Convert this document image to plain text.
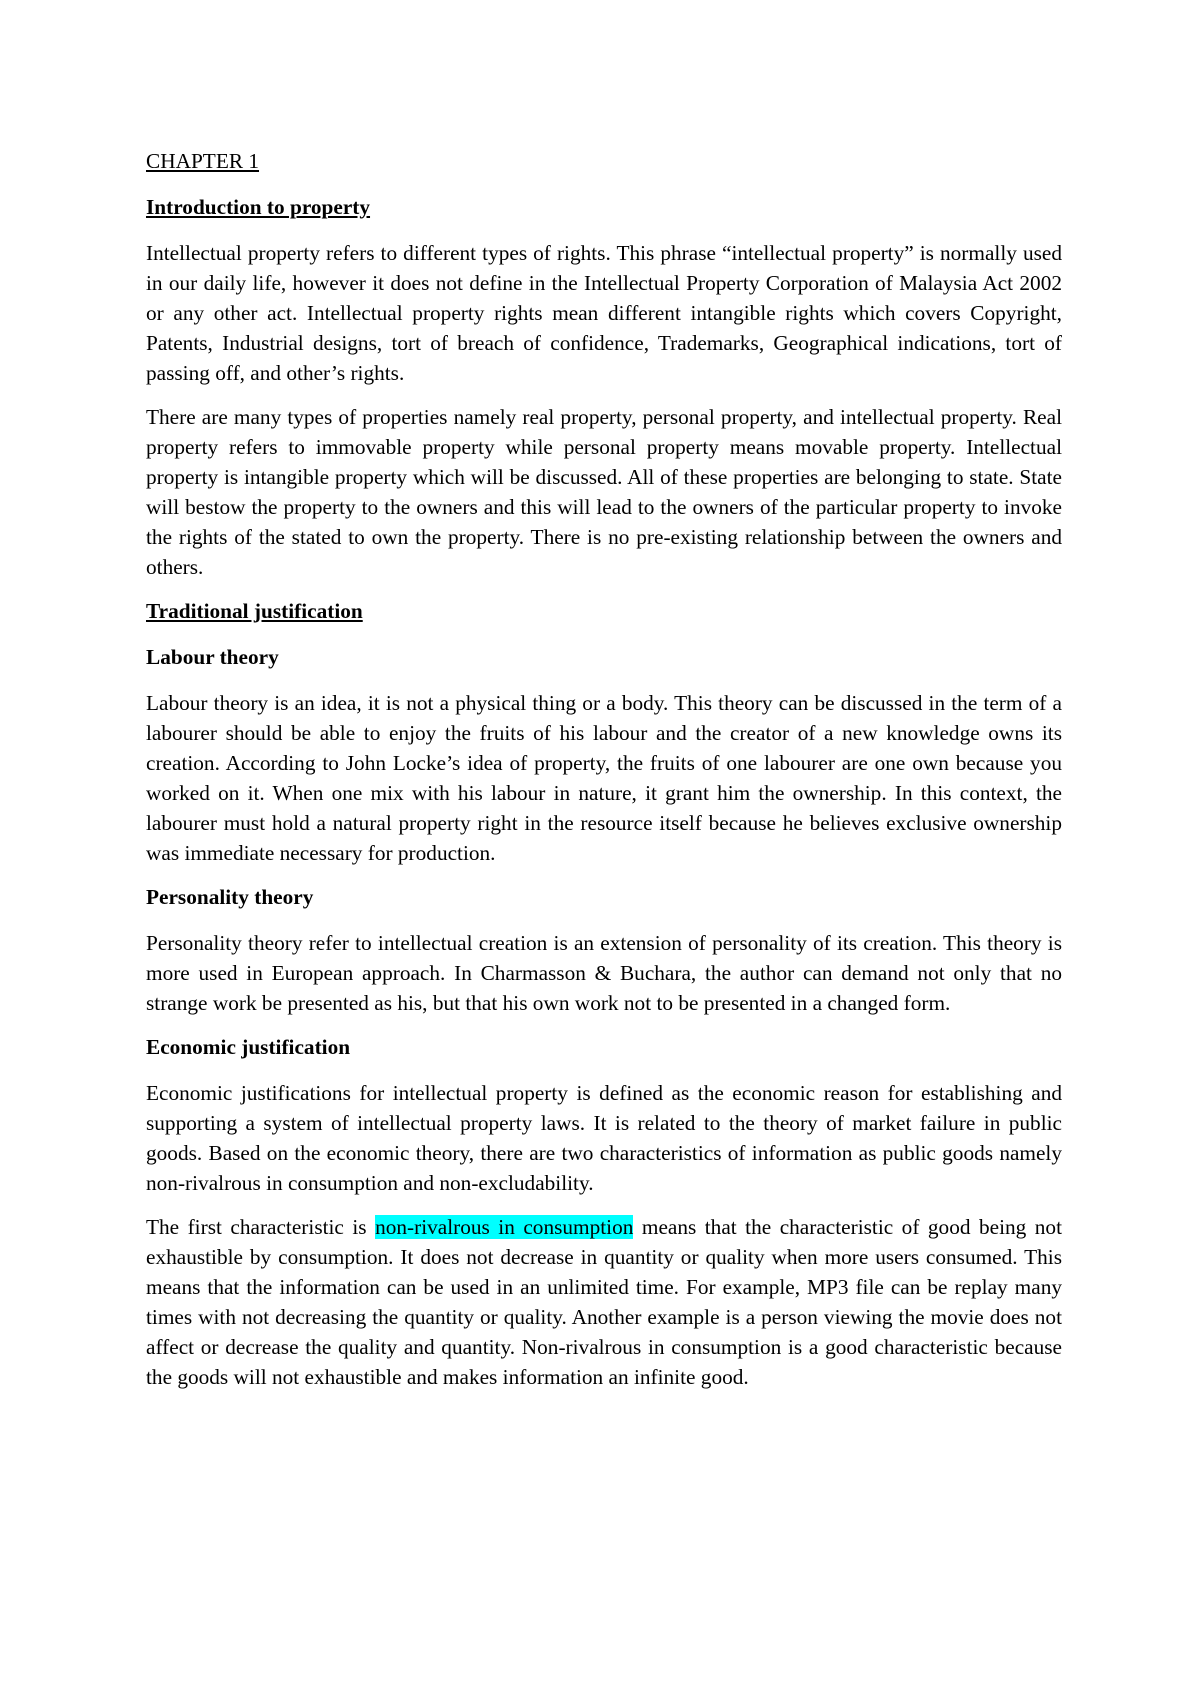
CHAPTER 1
Introduction to property

Intellectual property refers to different types of rights. This phrase “intellectual property” is normally used in our daily life, however it does not define in the Intellectual Property Corporation of Malaysia Act 2002 or any other act. Intellectual property rights mean different intangible rights which covers Copyright, Patents, Industrial designs, tort of breach of confidence, Trademarks, Geographical indications, tort of passing off, and other’s rights.

There are many types of properties namely real property, personal property, and intellectual property. Real property refers to immovable property while personal property means movable property. Intellectual property is intangible property which will be discussed. All of these properties are belonging to state. State will bestow the property to the owners and this will lead to the owners of the particular property to invoke the rights of the stated to own the property. There is no pre-existing relationship between the owners and others.

Traditional justification
Labour theory

Labour theory is an idea, it is not a physical thing or a body. This theory can be discussed in the term of a labourer should be able to enjoy the fruits of his labour and the creator of a new knowledge owns its creation. According to John Locke’s idea of property, the fruits of one labourer are one own because you worked on it. When one mix with his labour in nature, it grant him the ownership. In this context, the labourer must hold a natural property right in the resource itself because he believes exclusive ownership was immediate necessary for production.

Personality theory

Personality theory refer to intellectual creation is an extension of personality of its creation. This theory is more used in European approach. In Charmasson & Buchara, the author can demand not only that no strange work be presented as his, but that his own work not to be presented in a changed form.

Economic justification

Economic justifications for intellectual property is defined as the economic reason for establishing and supporting a system of intellectual property laws. It is related to the theory of market failure in public goods. Based on the economic theory, there are two characteristics of information as public goods namely non-rivalrous in consumption and non-excludability.

The first characteristic is non-rivalrous in consumption means that the characteristic of good being not exhaustible by consumption. It does not decrease in quantity or quality when more users consumed. This means that the information can be used in an unlimited time. For example, MP3 file can be replay many times with not decreasing the quantity or quality. Another example is a person viewing the movie does not affect or decrease the quality and quantity. Non-rivalrous in consumption is a good characteristic because the goods will not exhaustible and makes information an infinite good.
